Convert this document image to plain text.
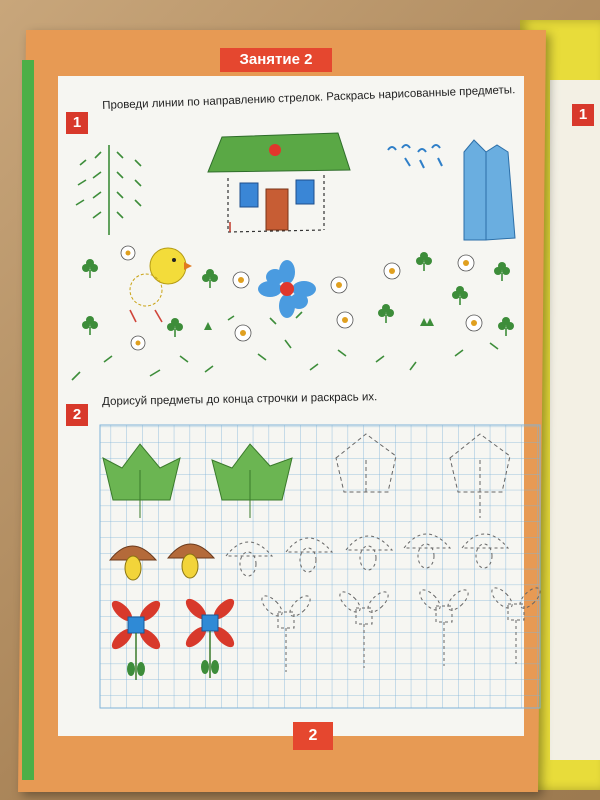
1
Занятие 2
1
Проведи линии по направлению стрелок. Раскрась нарисованные предметы.
2
Дорисуй предметы до конца строчки и раскрась их.
2
